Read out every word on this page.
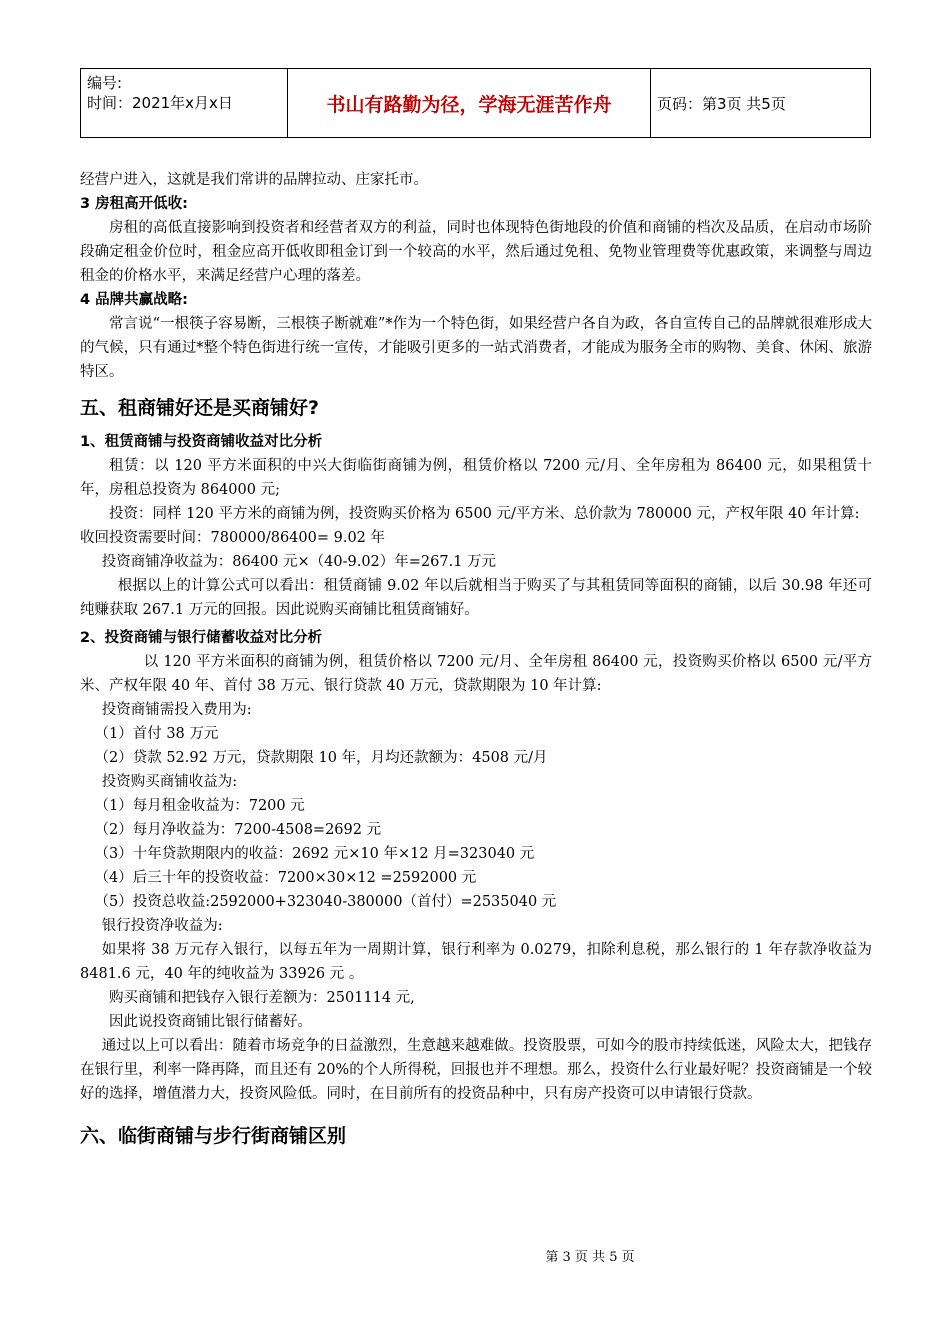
编号:
时间：2021年x月x日	书山有路勤为径，学海无涯苦作舟	页码：第3页 共5页

经营户进入，这就是我们常讲的品牌拉动、庄家托市。

3 房租高开低收:

房租的高低直接影响到投资者和经营者双方的利益，同时也体现特色街地段的价值和商铺的档次及品质，在启动市场阶段确定租金价位时，租金应高开低收即租金订到一个较高的水平，然后通过免租、免物业管理费等优惠政策，来调整与周边租金的价格水平，来满足经营户心理的落差。

4 品牌共赢战略:

常言说“一根筷子容易断，三根筷子断就难”*作为一个特色街，如果经营户各自为政，各自宣传自己的品牌就很难形成大的气候，只有通过*整个特色街进行统一宣传，才能吸引更多的一站式消费者，才能成为服务全市的购物、美食、休闲、旅游特区。

五、租商铺好还是买商铺好?

1、租赁商铺与投资商铺收益对比分析

租赁：以 120 平方米面积的中兴大街临街商铺为例，租赁价格以 7200 元/月、全年房租为 86400 元，如果租赁十年，房租总投资为 864000 元;

投资：同样 120 平方米的商铺为例，投资购买价格为 6500 元/平方米、总价款为 780000 元，产权年限 40 年计算:

收回投资需要时间：780000/86400= 9.02 年

投资商铺净收益为：86400 元×（40-9.02）年=267.1 万元

根据以上的计算公式可以看出：租赁商铺 9.02 年以后就相当于购买了与其租赁同等面积的商铺，以后 30.98 年还可纯赚获取 267.1 万元的回报。因此说购买商铺比租赁商铺好。

2、投资商铺与银行储蓄收益对比分析

以 120 平方米面积的商铺为例，租赁价格以 7200 元/月、全年房租 86400 元，投资购买价格以 6500 元/平方米、产权年限 40 年、首付 38 万元、银行贷款 40 万元，贷款期限为 10 年计算:

投资商铺需投入费用为:

（1）首付 38 万元

（2）贷款 52.92 万元，贷款期限 10 年，月均还款额为：4508 元/月

投资购买商铺收益为:

（1）每月租金收益为：7200 元

（2）每月净收益为：7200-4508=2692 元

（3）十年贷款期限内的收益：2692 元×10 年×12 月=323040 元

（4）后三十年的投资收益：7200×30×12 =2592000 元

（5）投资总收益:2592000+323040-380000（首付）=2535040 元

银行投资净收益为:

如果将 38 万元存入银行，以每五年为一周期计算，银行利率为 0.0279，扣除利息税，那么银行的 1 年存款净收益为 8481.6 元，40 年的纯收益为 33926 元 。

购买商铺和把钱存入银行差额为：2501114 元,

因此说投资商铺比银行储蓄好。

通过以上可以看出：随着市场竞争的日益激烈，生意越来越难做。投资股票，可如今的股市持续低迷，风险太大，把钱存在银行里，利率一降再降，而且还有 20%的个人所得税，回报也并不理想。那么，投资什么行业最好呢？投资商铺是一个较好的选择，增值潜力大，投资风险低。同时，在目前所有的投资品种中，只有房产投资可以申请银行贷款。

六、临街商铺与步行街商铺区别

第 3 页 共 5 页
